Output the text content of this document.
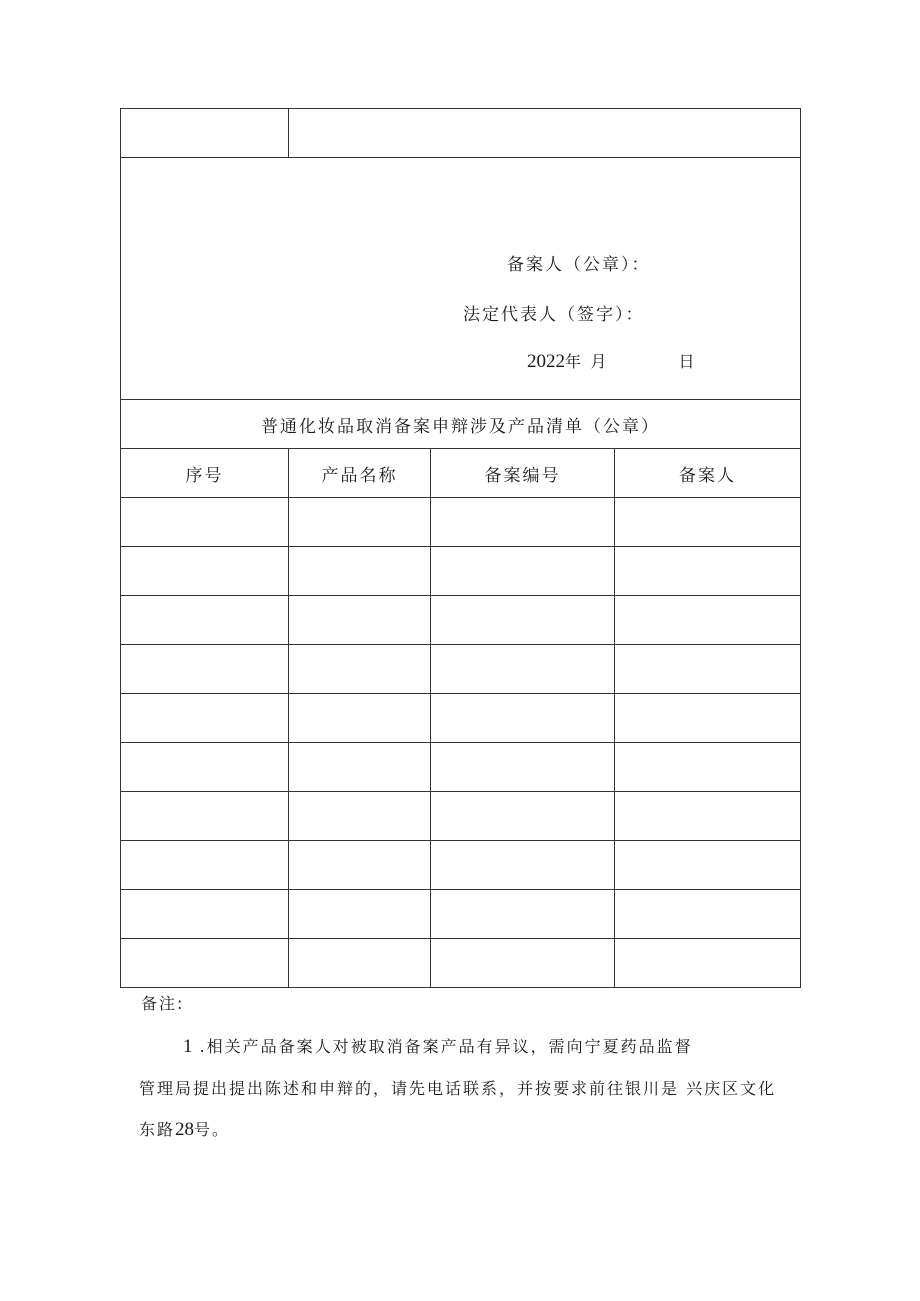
备案人（公章）：
法定代表人（签字）：
2022年 月 日			

普通化妆品取消备案申辩涉及产品清单（公章）			
序号	产品名称	备案编号	备案人

备注:
1 .相关产品备案人对被取消备案产品有异议，需向宁夏药品监督
管理局提出提出陈述和申辩的，请先电话联系，并按要求前往银川是 兴庆区文化
东路28号。
